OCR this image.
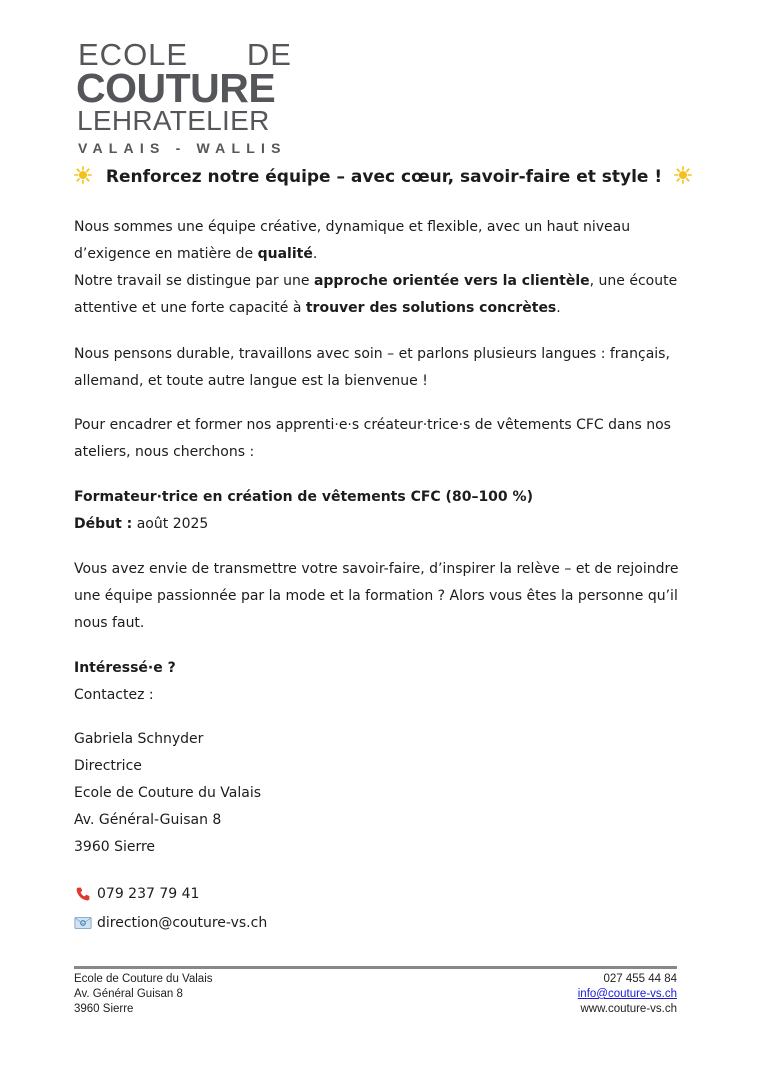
ECOLE DE
COUTURE
LEHRATELIER
VALAIS - WALLIS
Renforcez notre équipe – avec cœur, savoir-faire et style !

Nous sommes une équipe créative, dynamique et flexible, avec un haut niveau d’exigence en matière de qualité.
Notre travail se distingue par une approche orientée vers la clientèle, une écoute attentive et une forte capacité à trouver des solutions concrètes.

Nous pensons durable, travaillons avec soin – et parlons plusieurs langues : français, allemand, et toute autre langue est la bienvenue !

Pour encadrer et former nos apprenti·e·s créateur·trice·s de vêtements CFC dans nos ateliers, nous cherchons :

Formateur·trice en création de vêtements CFC (80–100 %)
Début : août 2025

Vous avez envie de transmettre votre savoir-faire, d’inspirer la relève – et de rejoindre une équipe passionnée par la mode et la formation ? Alors vous êtes la personne qu’il nous faut.

Intéressé·e ?
Contactez :
Gabriela Schnyder
Directrice
Ecole de Couture du Valais
Av. Général-Guisan 8
3960 Sierre
079 237 79 41
direction@couture-vs.ch
Ecole de Couture du Valais
Av. Général Guisan 8
3960 Sierre
027 455 44 84
info@couture-vs.ch
www.couture-vs.ch
